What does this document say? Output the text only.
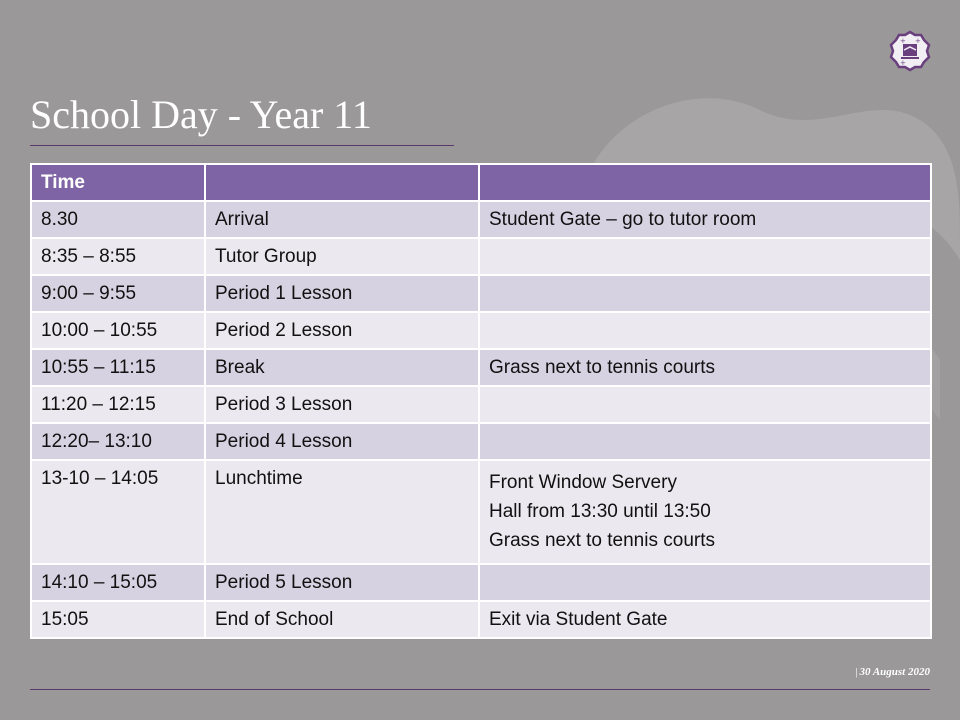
+ +
+
School Day - Year 11
Time		
8.30	Arrival	Student Gate – go to tutor room

8:35 – 8:55	Tutor Group	

9:00 – 9:55	Period 1 Lesson	

10:00 – 10:55	Period 2 Lesson	

10:55 – 11:15	Break	Grass next to tennis courts

11:20 – 12:15	Period 3 Lesson	

12:20– 13:10	Period 4 Lesson	

13-10 – 14:05	Lunchtime	Front Window Servery
Hall from 13:30 until 13:50
Grass next to tennis courts

14:10 – 15:05	Period 5 Lesson	

15:05	End of School	Exit via Student Gate
| 30 August 2020
